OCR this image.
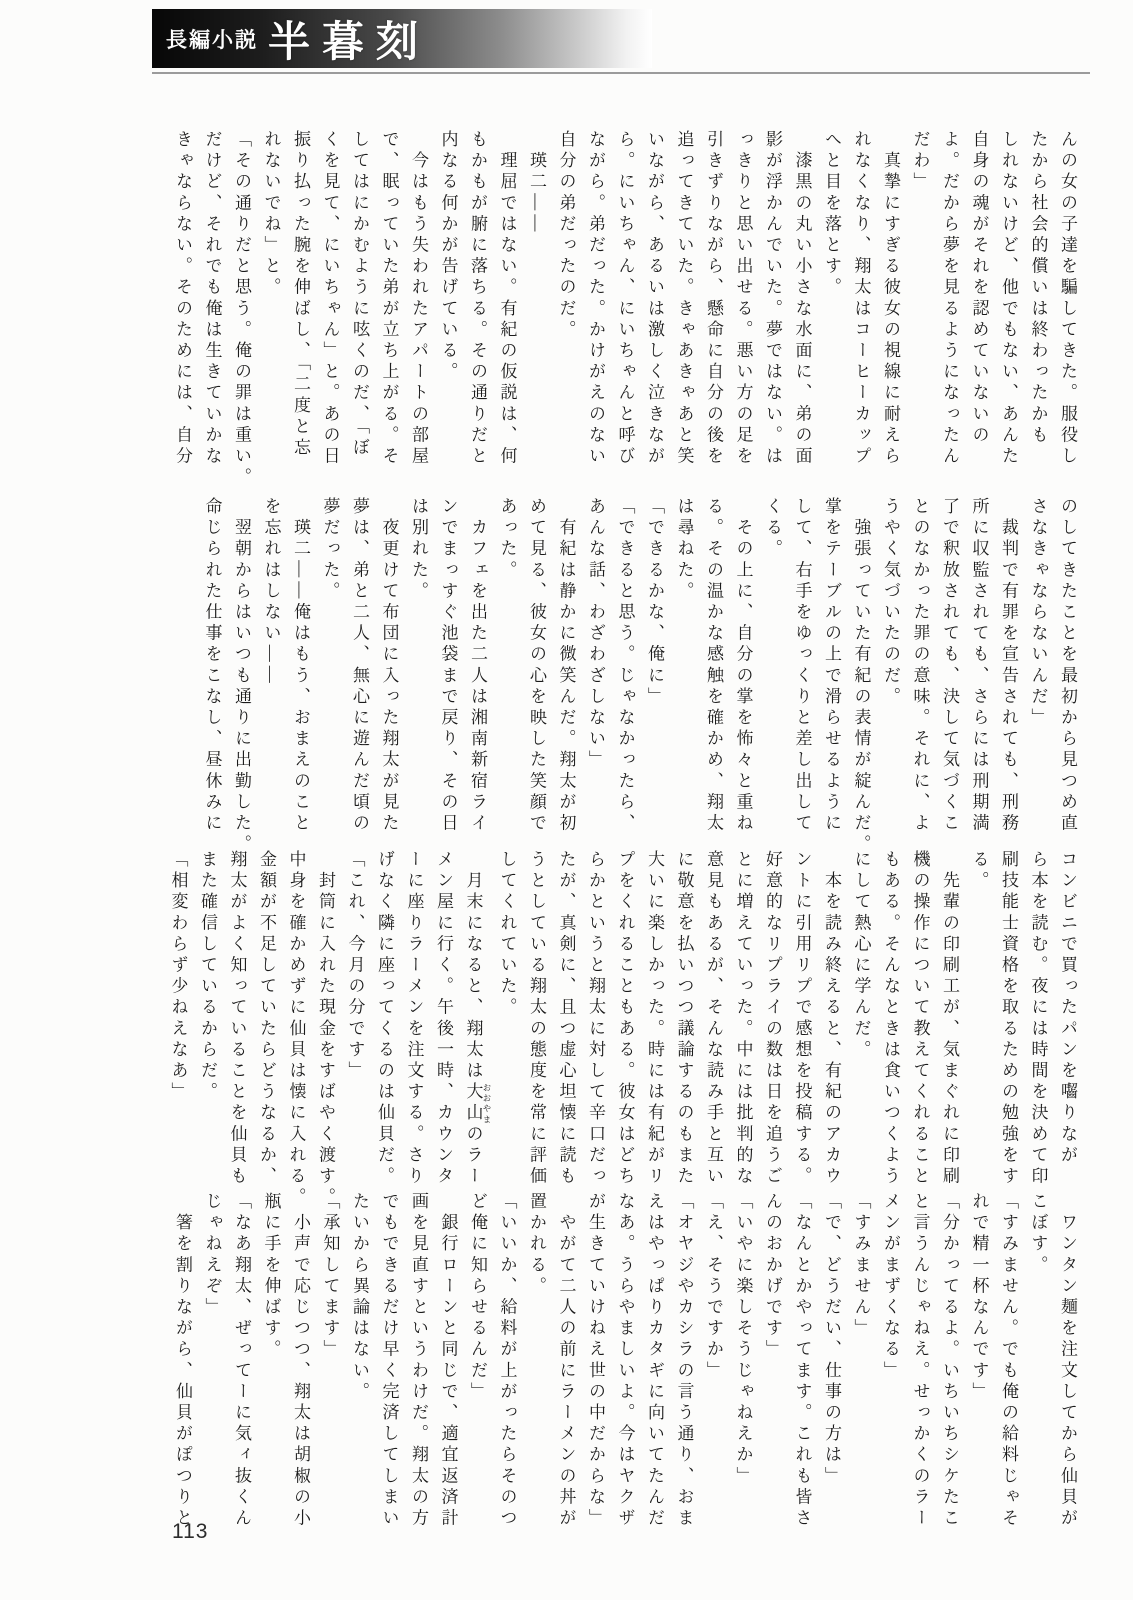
長編小説 半暮刻
んの女の子達を騙してきた。服役し
たから社会的償いは終わったかも
しれないけど、他でもない、あんた
自身の魂がそれを認めていないの
よ。だから夢を見るようになったん
だわ」
　真摯にすぎる彼女の視線に耐えら
れなくなり、翔太はコーヒーカップ
へと目を落とす。
　漆黒の丸い小さな水面に、弟の面
影が浮かんでいた。夢ではない。は
っきりと思い出せる。悪い方の足を
引きずりながら、懸命に自分の後を
追ってきていた。きゃあきゃあと笑
いながら、あるいは激しく泣きなが
ら。にいちゃん、にいちゃんと呼び
ながら。弟だった。かけがえのない
自分の弟だったのだ。
　瑛二——
　理屈ではない。有紀の仮説は、何
もかもが腑に落ちる。その通りだと
内なる何かが告げている。
　今はもう失われたアパートの部屋
で、眠っていた弟が立ち上がる。そ
してはにかむように呟くのだ、「ぼ
くを見て、にいちゃん」と。あの日
振り払った腕を伸ばし、「二度と忘
れないでね」と。
「その通りだと思う。俺の罪は重い。
だけど、それでも俺は生きていかな
きゃならない。そのためには、自分
のしてきたことを最初から見つめ直
さなきゃならないんだ」
　裁判で有罪を宣告されても、刑務
所に収監されても、さらには刑期満
了で釈放されても、決して気づくこ
とのなかった罪の意味。それに、よ
うやく気づいたのだ。
　強張っていた有紀の表情が綻んだ。
掌をテーブルの上で滑らせるように
して、右手をゆっくりと差し出して
くる。
　その上に、自分の掌を怖々と重ね
る。その温かな感触を確かめ、翔太
は尋ねた。
「できるかな、俺に」
「できると思う。じゃなかったら、
あんな話、わざわざしない」
　有紀は静かに微笑んだ。翔太が初
めて見る、彼女の心を映した笑顔で
あった。
　カフェを出た二人は湘南新宿ライ
ンでまっすぐ池袋まで戻り、その日
は別れた。
　夜更けて布団に入った翔太が見た
夢は、弟と二人、無心に遊んだ頃の
夢だった。
　瑛二——俺はもう、おまえのこと
を忘れはしない——
　翌朝からはいつも通りに出勤した。
命じられた仕事をこなし、昼休みに
コンビニで買ったパンを囓りなが
ら本を読む。夜には時間を決めて印
刷技能士資格を取るための勉強をす
る。
　先輩の印刷工が、気まぐれに印刷
機の操作について教えてくれること
もある。そんなときは食いつくよう
にして熱心に学んだ。
　本を読み終えると、有紀のアカウ
ントに引用リプで感想を投稿する。
好意的なリプライの数は日を追うご
とに増えていった。中には批判的な
意見もあるが、そんな読み手と互い
に敬意を払いつつ議論するのもまた
大いに楽しかった。時には有紀がリ
プをくれることもある。彼女はどち
らかというと翔太に対して辛口だっ
たが、真剣に、且つ虚心坦懐に読も
うとしている翔太の態度を常に評価
してくれていた。
　月末になると、翔太は大山 おおやまのラー
メン屋に行く。午後一時、カウンタ
ーに座りラーメンを注文する。さり
げなく隣に座ってくるのは仙貝だ。
「これ、今月の分です」
　封筒に入れた現金をすばやく渡す。
中身を確かめずに仙貝は懐に入れる。
金額が不足していたらどうなるか、
翔太がよく知っていることを仙貝も
また確信しているからだ。
「相変わらず少ねえなあ」
　ワンタン麺を注文してから仙貝が
こぼす。
「すみません。でも俺の給料じゃそ
れで精一杯なんです」
「分かってるよ。いちいちシケたこ
と言うんじゃねえ。せっかくのラー
メンがまずくなる」
「すみません」
「で、どうだい、仕事の方は」
「なんとかやってます。これも皆さ
んのおかげです」
「いやに楽しそうじゃねえか」
「え、そうですか」
「オヤジやカシラの言う通り、おま
えはやっぱりカタギに向いてたんだ
なあ。うらやましいよ。今はヤクザ
が生きていけねえ世の中だからな」
　やがて二人の前にラーメンの丼が
置かれる。
「いいか、給料が上がったらそのつ
ど俺に知らせるんだ」
　銀行ローンと同じで、適宜返済計
画を見直すというわけだ。翔太の方
でもできるだけ早く完済してしまい
たいから異論はない。
「承知してます」
　小声で応じつつ、翔太は胡椒の小
瓶に手を伸ばす。
「なあ翔太、ぜってーに気ィ抜くん
じゃねえぞ」
　箸を割りながら、仙貝がぽつりと
113
